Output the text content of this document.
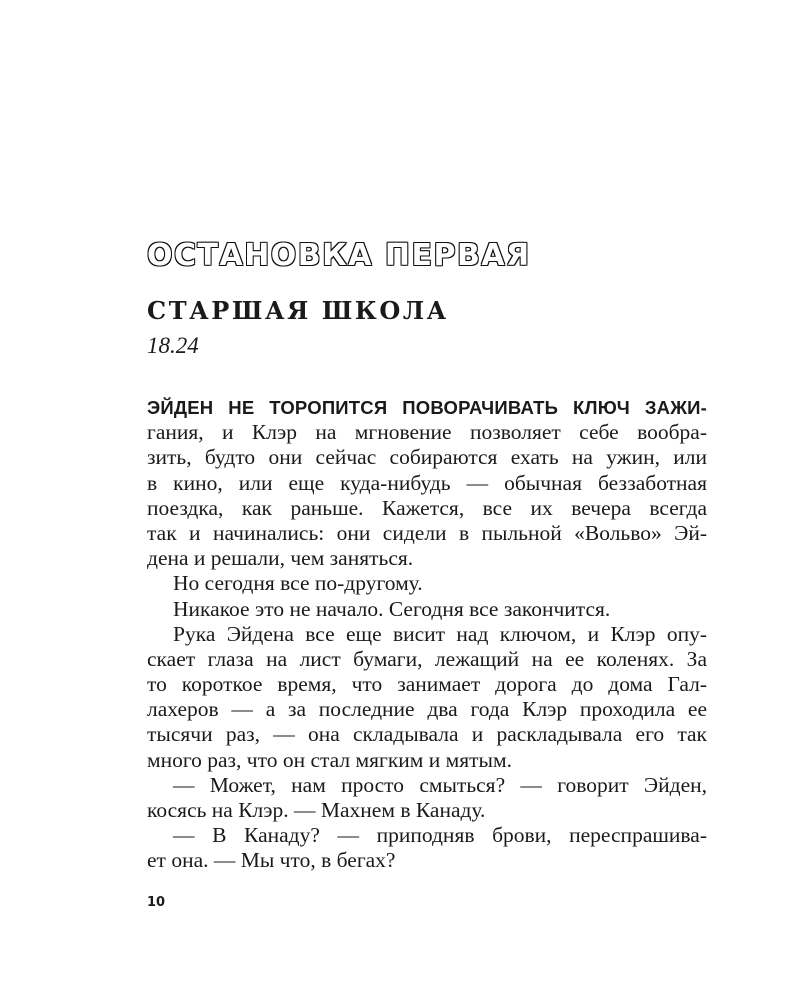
ОСТАНОВКА ПЕРВАЯ
СТАРШАЯ ШКОЛА
18.24
ЭЙДЕН НЕ ТОРОПИТСЯ ПОВОРАЧИВАТЬ КЛЮЧ ЗАЖИ-
гания, и Клэр на мгновение позволяет себе вообра-
зить, будто они сейчас собираются ехать на ужин, или
в кино, или еще куда-нибудь — обычная беззаботная
поездка, как раньше. Кажется, все их вечера всегда
так и начинались: они сидели в пыльной «Вольво» Эй-
дена и решали, чем заняться.
Но сегодня все по-другому.
Никакое это не начало. Сегодня все закончится.
Рука Эйдена все еще висит над ключом, и Клэр опу-
скает глаза на лист бумаги, лежащий на ее коленях. За
то короткое время, что занимает дорога до дома Гал-
лахеров — а за последние два года Клэр проходила ее
тысячи раз, — она складывала и раскладывала его так
много раз, что он стал мягким и мятым.
— Может, нам просто смыться? — говорит Эйден,
косясь на Клэр. — Махнем в Канаду.
— В Канаду? — приподняв брови, переспрашива-
ет она. — Мы что, в бегах?
10
